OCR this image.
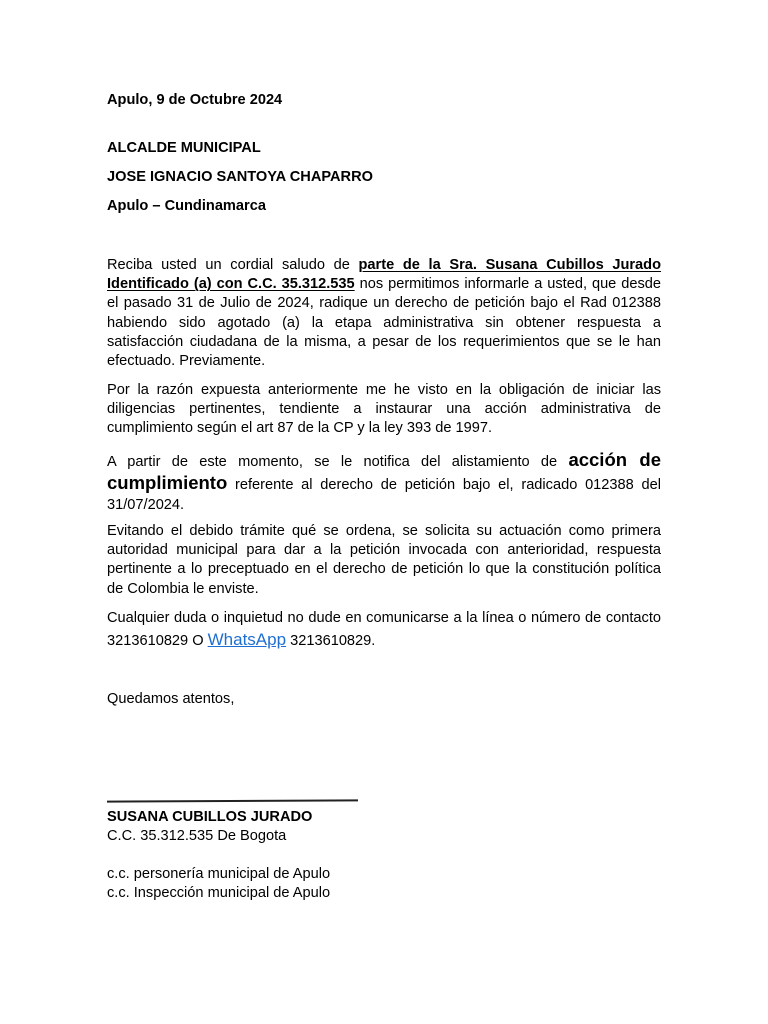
Apulo, 9 de Octubre 2024
ALCALDE MUNICIPAL
JOSE IGNACIO SANTOYA CHAPARRO
Apulo – Cundinamarca
Reciba usted un cordial saludo de parte de la Sra. Susana Cubillos Jurado Identificado (a) con C.C. 35.312.535 nos permitimos informarle a usted, que desde el pasado 31 de Julio de 2024, radique un derecho de petición bajo el Rad 012388 habiendo sido agotado (a) la etapa administrativa sin obtener respuesta a satisfacción ciudadana de la misma, a pesar de los requerimientos que se le han efectuado. Previamente.
Por la razón expuesta anteriormente me he visto en la obligación de iniciar las diligencias pertinentes, tendiente a instaurar una acción administrativa de cumplimiento según el art 87 de la CP y la ley 393 de 1997.
A partir de este momento, se le notifica del alistamiento de acción de cumplimiento referente al derecho de petición bajo el, radicado 012388 del 31/07/2024.
Evitando el debido trámite qué se ordena, se solicita su actuación como primera autoridad municipal para dar a la petición invocada con anterioridad, respuesta pertinente a lo preceptuado en el derecho de petición lo que la constitución política de Colombia le enviste.
Cualquier duda o inquietud no dude en comunicarse a la línea o número de contacto 3213610829 O WhatsApp 3213610829.
Quedamos atentos,
SUSANA CUBILLOS JURADO
C.C. 35.312.535 De Bogota
c.c. personería municipal de Apulo
c.c. Inspección municipal de Apulo
